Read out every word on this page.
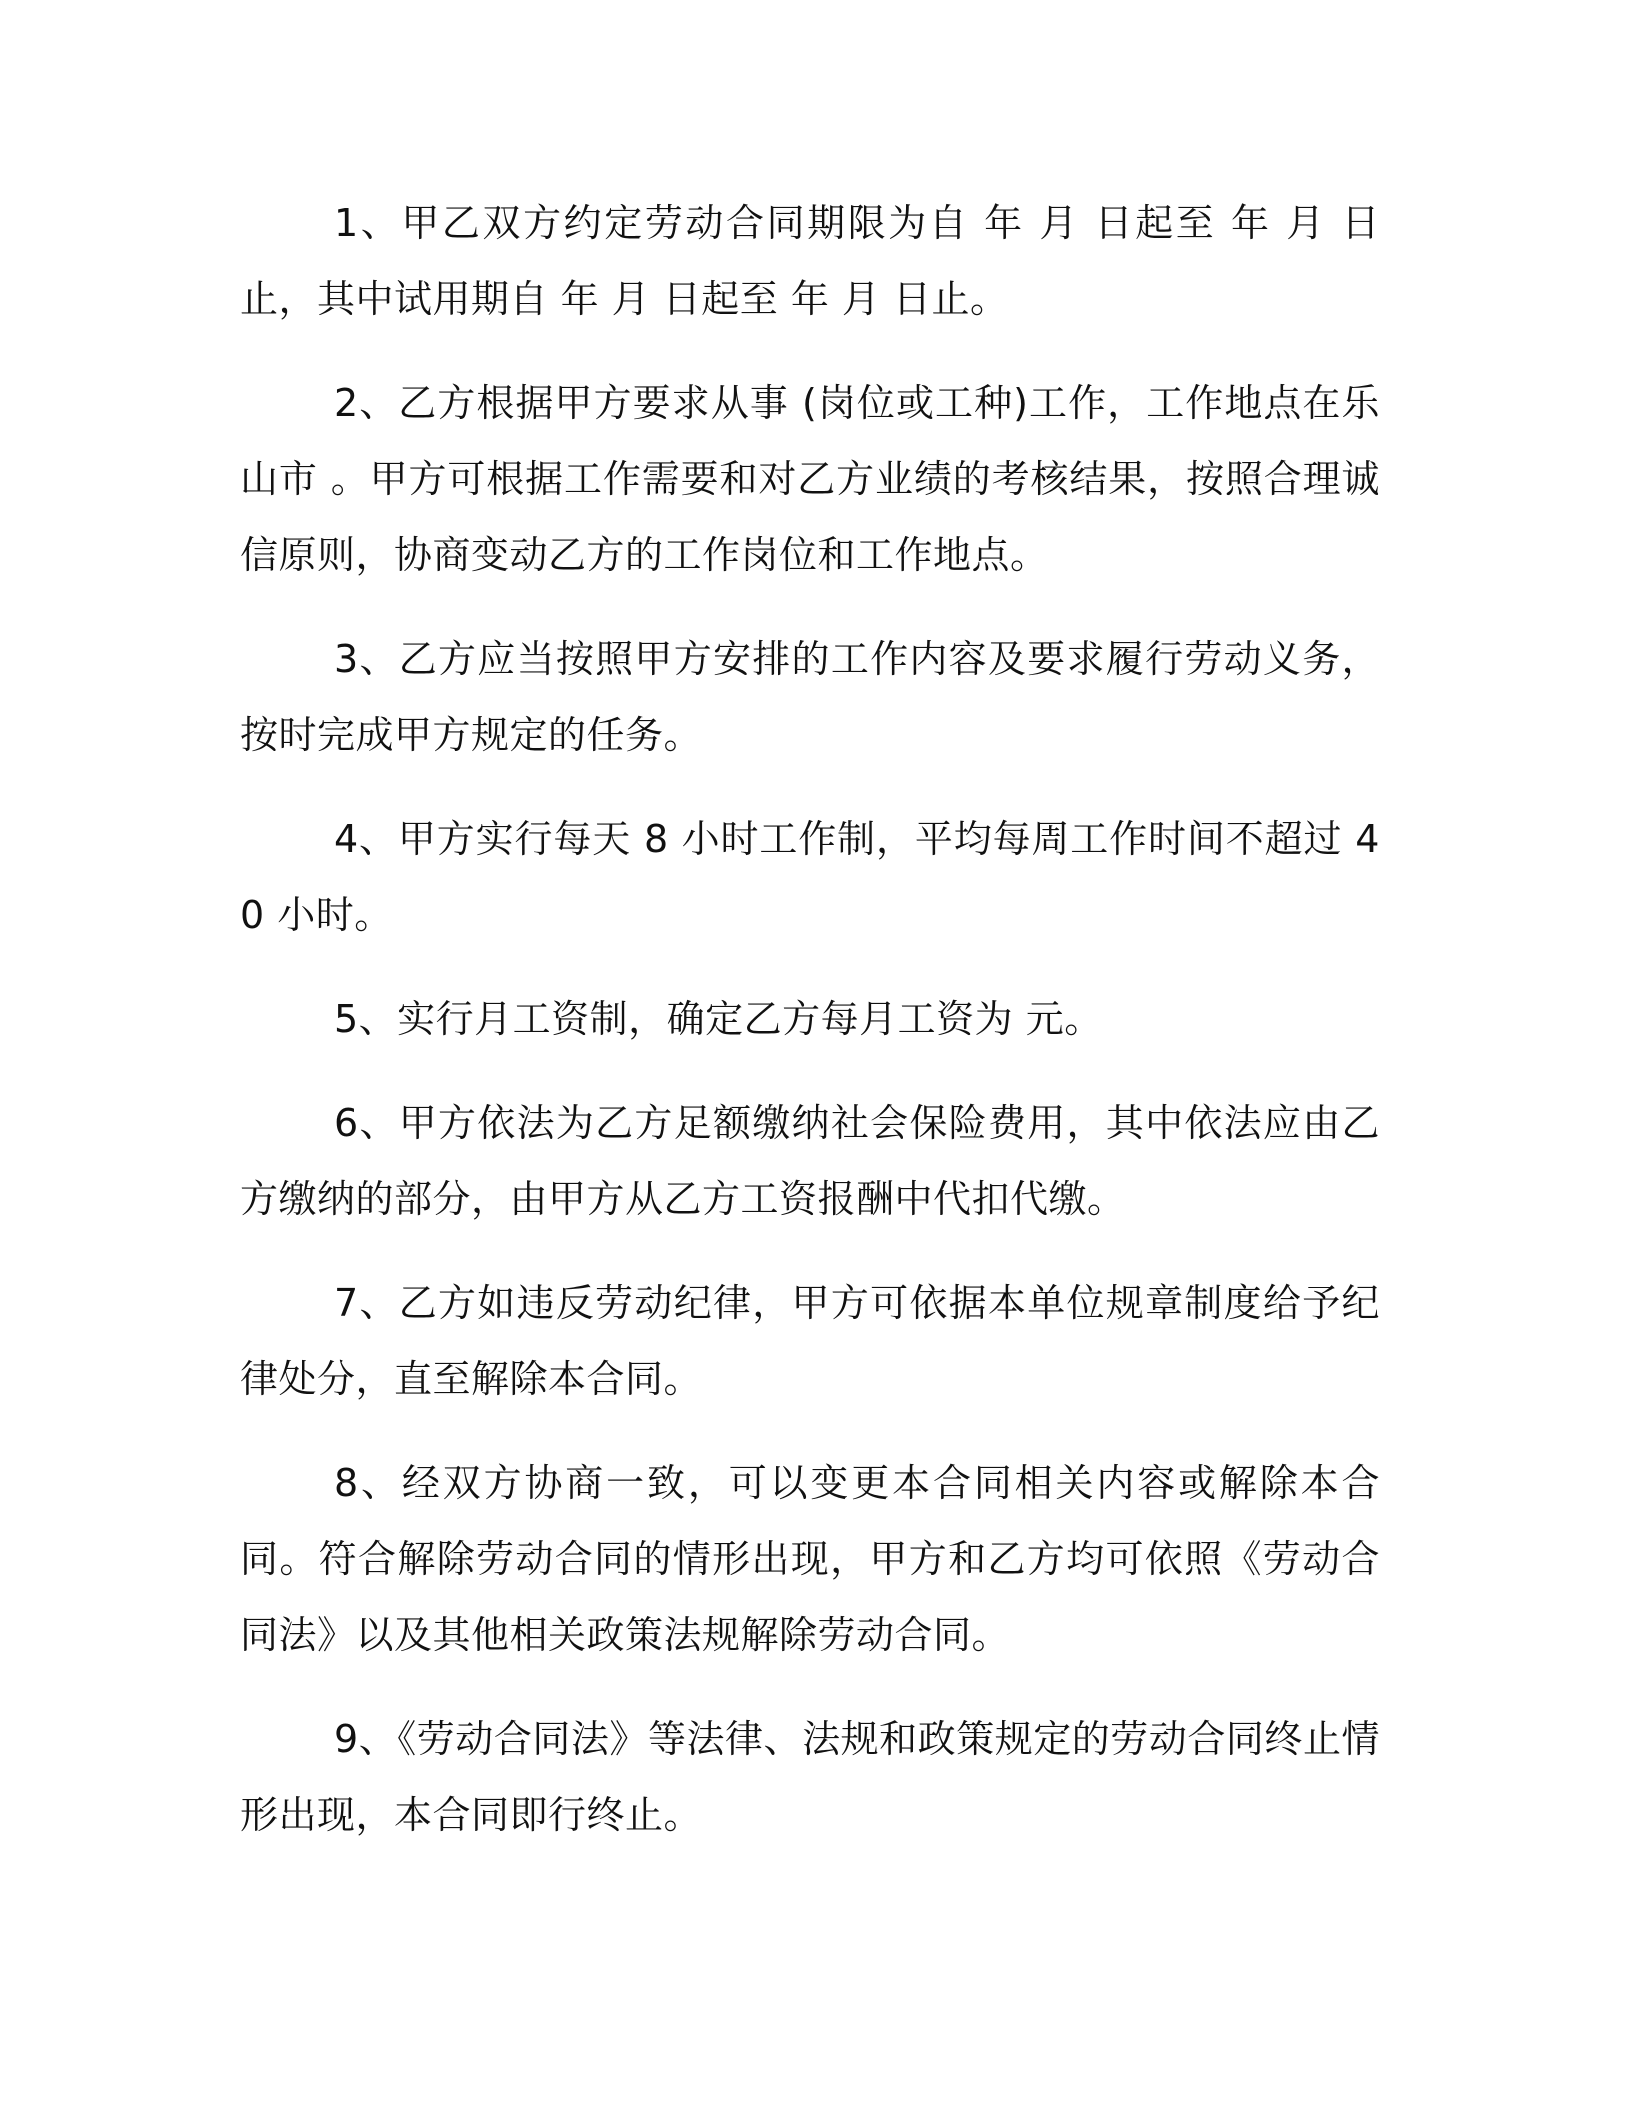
1、甲乙双方约定劳动合同期限为自 年 月 日起至 年 月 日止，其中试用期自 年 月 日起至 年 月 日止。

2、乙方根据甲方要求从事 (岗位或工种)工作，工作地点在乐山市 。甲方可根据工作需要和对乙方业绩的考核结果，按照合理诚信原则，协商变动乙方的工作岗位和工作地点。

3、乙方应当按照甲方安排的工作内容及要求履行劳动义务，按时完成甲方规定的任务。

4、甲方实行每天 8 小时工作制，平均每周工作时间不超过 40 小时。

5、实行月工资制，确定乙方每月工资为 元。

6、甲方依法为乙方足额缴纳社会保险费用，其中依法应由乙方缴纳的部分，由甲方从乙方工资报酬中代扣代缴。

7、乙方如违反劳动纪律，甲方可依据本单位规章制度给予纪律处分，直至解除本合同。

8、经双方协商一致，可以变更本合同相关内容或解除本合同。符合解除劳动合同的情形出现，甲方和乙方均可依照《劳动合同法》以及其他相关政策法规解除劳动合同。

9、《劳动合同法》等法律、法规和政策规定的劳动合同终止情形出现，本合同即行终止。
